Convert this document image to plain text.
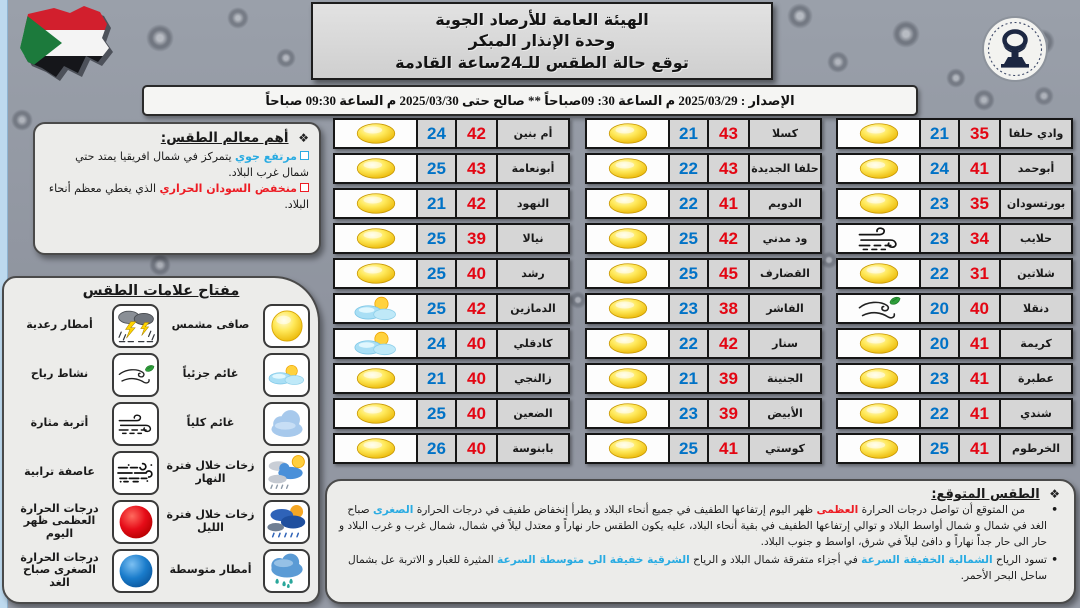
الهيئة العامة للأرصاد الجوية
وحدة الإنذار المبكر
توقع حالة الطقس للـ24ساعة القادمة
الإصدار : 2025/03/29 م الساعة 30: 09صباحاً ** صالح حتى 2025/03/30 م الساعة 09:30 صباحاً
❖ أهم معالم الطقس:
مرتفع جوي يتمركز في شمال افريقيا يمتد حتي شمال غرب البلاد.
منخفض السودان الحراري الذي يغطي معظم أنحاء البلاد.
مفتاح علامات الطقس
صافى مشمس
غائم جزئياً
غائم كلياً
زخات خلال فترة النهار
زخات خلال فترة الليل
أمطار متوسطة
أمطار رعدية
نشاط رياح
أتربة مثارة
عاصفة ترابية
درجات الحرارة العظمى ظهر اليوم
درجات الحرارة الصغرى صباح الغد
وادي حلفا
35
21
أبوحمد
41
24
بورتسودان
35
23
حلايب
34
23
شلاتين
31
22
دنقلا
40
20
كريمة
41
20
عطبرة
41
23
شندي
41
22
الخرطوم
41
25
كسلا
43
21
حلفا الجديدة
43
22
الدويم
41
22
ود مدني
42
25
القضارف
45
25
الفاشر
38
23
سنار
42
22
الجنينة
39
21
الأبيض
39
23
كوستي
41
25
أم بنين
42
24
أبونعامة
43
25
النهود
42
21
نيالا
39
25
رشد
40
25
الدمازين
42
25
كادقلي
40
24
زالنجي
40
21
الضعين
40
25
بابنوسة
40
26
❖ الطقس المتوقع:
• من المتوقع أن تواصل درجات الحرارة العظمى ظهر اليوم إرتفاعها الطفيف في جميع أنحاء البلاد و يطرأ إنخفاض طفيف في درجات الحرارة الصغرى صباح الغد في شمال و شمال أواسط البلاد و توالي إرتفاعها الطفيف في بقية أنحاء البلاد، عليه يكون الطقس حار نهاراً و معتدل ليلاً في شمال، شمال غرب و غرب البلاد و حار الى حار جداً نهاراً و دافئ ليلاً في شرق، اواسط و جنوب البلاد.
• تسود الرياح الشمالية الخفيفة السرعة في أجزاء متفرقة شمال البلاد و الرياح الشرقية خفيفة الى متوسطة السرعة المثيرة للغبار و الاتربة عل بشمال ساحل البحر الأحمر.
